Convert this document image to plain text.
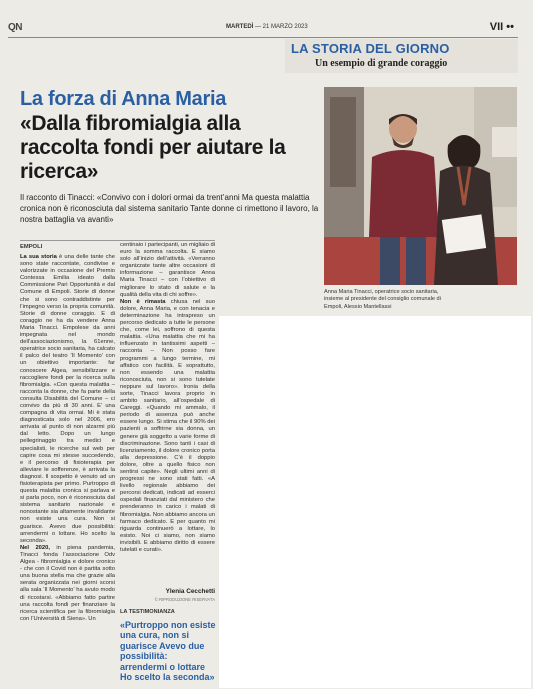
QN	MARTEDÌ — 21 MARZO 2023	VII ••
LA STORIA DEL GIORNO
Un esempio di grande coraggio
La forza di Anna Maria
«Dalla fibromialgia alla raccolta fondi per aiutare la ricerca»
Il racconto di Tinacci: «Convivo con i dolori ormai da trent’anni Ma questa malattia cronica non è riconosciuta dal sistema sanitario Tante donne ci rimettono il lavoro, la nostra battaglia va avanti»
Anna Maria Tinacci, operatrice socio sanitaria, insieme al presidente del consiglio comunale di Empoli, Alessio Mantellassi
EMPOLI
La sua storia è una delle tante che sono state raccontate, condivise e valorizzate in occasione del Premio Contessa Emilia ideato dalla Commissione Pari Opportunità e dal Comune di Empoli. Storie di donne che si sono contraddistinte per l’impegno verso la propria comunità. Storie di donne coraggio. E di coraggio ne ha da vendere Anna Maria Tinacci. Empolese da anni impegnata nel mondo dell’associazionismo, la 61enne, operatrice socio sanitaria, ha calcato il palco del teatro ‘Il Momento’ con un obiettivo importante: far conoscere Algea, sensibilizzare e raccogliere fondi per la ricerca sulla fibromialgia. «Con questa malattia – racconta la donne, che fa parte della consulta Disabilità del Comune – ci convivo da più di 30 anni. E’ una compagna di vita ormai. Mi è stata diagnosticata solo nel 2006, ero arrivata al punto di non alzarmi più dal letto. Dopo un lungo pellegrinaggio tra medici e specialisti, le ricerche sul web per capire cosa mi stesse succedendo, e il percorso di fisioterapia per alleviare le sofferenze, è arrivata la diagnosi. Il sospetto è venuto ad un fisioterapista per primo. Purtroppo di questa malattia cronica si parlava e si parla poco, non è riconosciuta dal sistema sanitario nazionale e nonostante sia altamente invalidante non esiste una cura. Non si guarisce. Avevo due possibilità: arrendermi o lottare. Ho scelto la seconda».
Nel 2020, in piena pandemia, Tinacci fonda l’associazione Odv Algea - fibromialgia e dolore cronico - che con il Covid non è partita sotto una buona stella ma che grazie alla serata organizzata nei giorni scorsi alla sala ‘Il Momento’ ha avuto modo di ricostarsi. «Abbiamo fatto partire una raccolta fondi per finanziare la ricerca scientifica per la fibromialgia con l’Università di Siena». Un
centinaio i partecipanti, un migliaio di euro la somma raccolta. E siamo solo all’inizio dell’attività. «Verranno organizzate tante altre occasioni di informazione – garantisce Anna Maria Tinacci – con l’obiettivo di migliorare lo stato di salute e la qualità della vita di chi soffre».
Non è rimasta chiusa nel suo dolore, Anna Maria, e con tenacia e determinazione ha intrapreso un percorso dedicato a tutte le persone che, come lei, soffrono di questa malattia. «Una malattia che mi ha influenzato in tantissimi aspetti – racconta – Non posso fare programmi a lungo termine, mi affatico con facilità. E soprattutto, non essendo una malattia riconosciuta, non si sono tutelate neppure sul lavoro». Ironia della sorte, Tinacci lavora proprio in ambito sanitario, all’ospedale di Careggi. «Quando mi ammalo, il periodo di assenza può anche essere lungo. Si stima che il 90% dei pazienti a soffrirne sia donna, un genere già soggetto a varie forme di discriminazione. Sono tanti i casi di licenziamento, il dolore cronico porta alla depressione. C’è il doppio dolore, oltre a quello fisico non sentirsi capite». Negli ultimi anni di progressi ne sono stati fatti. «A livello regionale abbiamo dei percorsi dedicati, indicati ad esserci ospedali finanziati dal ministero che prenderanno in carico i malati di fibromialgia. Non abbiamo ancora un farmaco dedicato. E per quanto mi riguarda continuerò a lottare, lo esisto. Noi ci siamo, non siamo invisibili. E abbiamo diritto di essere tutelati e curati».
Ylenia Cecchetti
© RIPRODUZIONE RISERVATA
LA TESTIMONIANZA
«Purtroppo non esiste una cura, non si guarisce Avevo due possibilità: arrendermi o lottare Ho scelto la seconda»
